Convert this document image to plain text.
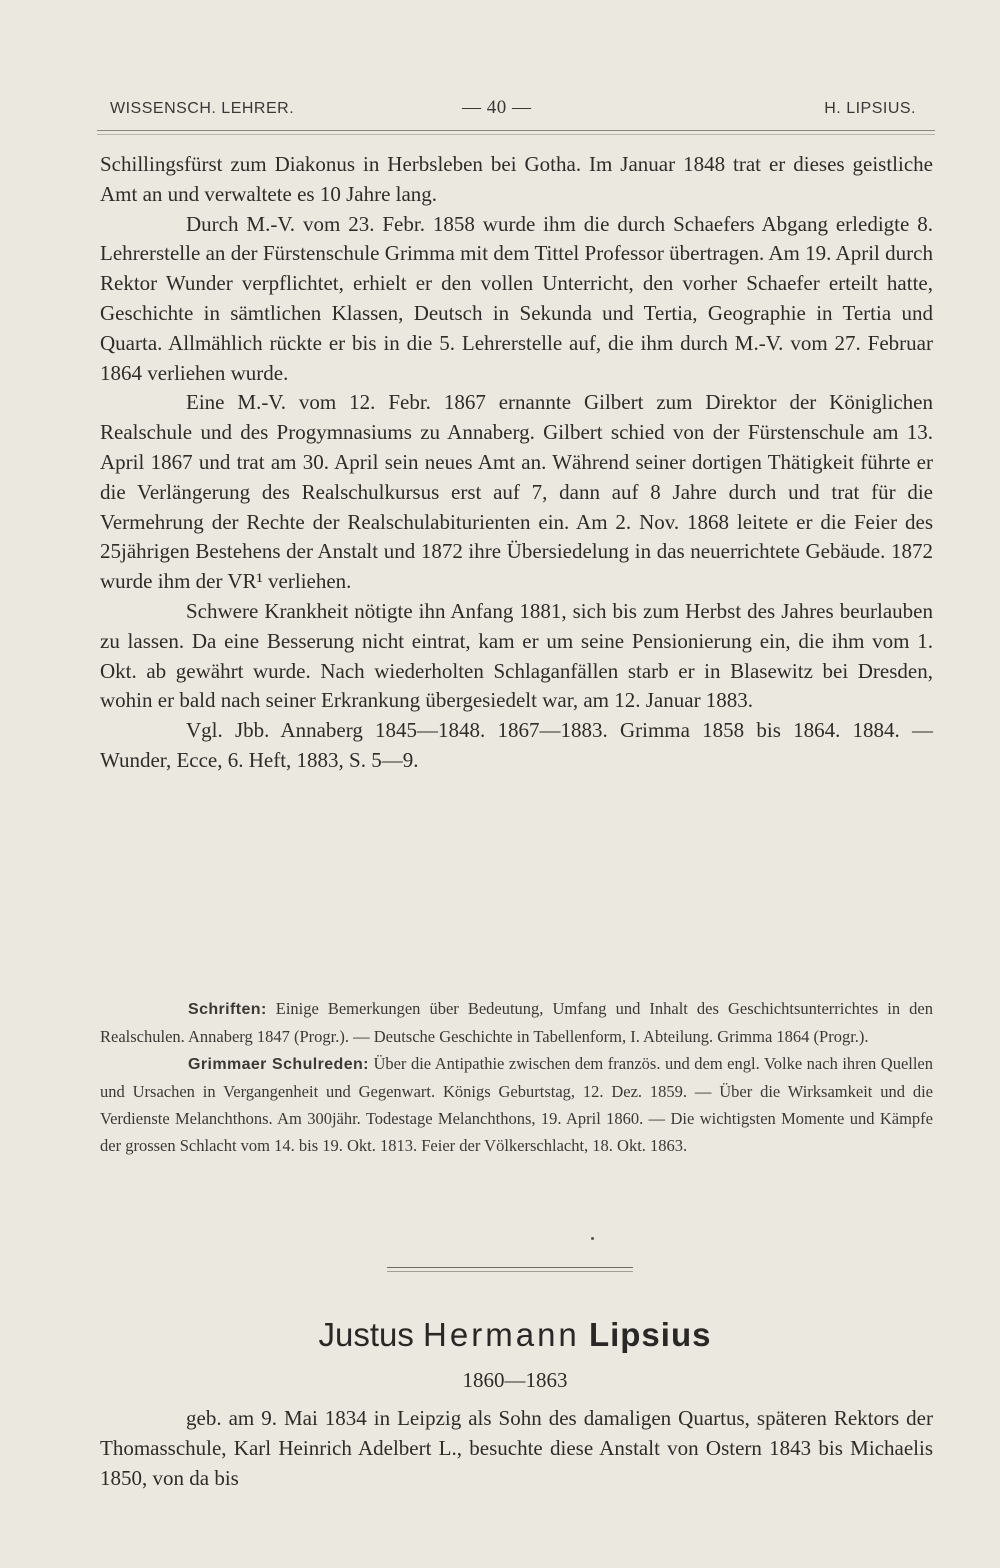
WISSENSCH. LEHRER.	— 40 —	H. LIPSIUS.

Schillingsfürst zum Diakonus in Herbsleben bei Gotha. Im Januar 1848 trat er dieses geistliche Amt an und verwaltete es 10 Jahre lang.

Durch M.-V. vom 23. Febr. 1858 wurde ihm die durch Schaefers Abgang erledigte 8. Lehrerstelle an der Fürstenschule Grimma mit dem Tittel Professor übertragen. Am 19. April durch Rektor Wunder verpflichtet, erhielt er den vollen Unterricht, den vorher Schaefer erteilt hatte, Geschichte in sämtlichen Klassen, Deutsch in Sekunda und Tertia, Geographie in Tertia und Quarta. Allmählich rückte er bis in die 5. Lehrerstelle auf, die ihm durch M.-V. vom 27. Februar 1864 verliehen wurde.

Eine M.-V. vom 12. Febr. 1867 ernannte Gilbert zum Direktor der Königlichen Realschule und des Progymnasiums zu Annaberg. Gilbert schied von der Fürstenschule am 13. April 1867 und trat am 30. April sein neues Amt an. Während seiner dortigen Thätigkeit führte er die Verlängerung des Realschulkursus erst auf 7, dann auf 8 Jahre durch und trat für die Vermehrung der Rechte der Realschulabiturienten ein. Am 2. Nov. 1868 leitete er die Feier des 25jährigen Bestehens der Anstalt und 1872 ihre Übersiedelung in das neuerrichtete Gebäude. 1872 wurde ihm der VR¹ verliehen.

Schwere Krankheit nötigte ihn Anfang 1881, sich bis zum Herbst des Jahres beurlauben zu lassen. Da eine Besserung nicht eintrat, kam er um seine Pensionierung ein, die ihm vom 1. Okt. ab gewährt wurde. Nach wiederholten Schlaganfällen starb er in Blasewitz bei Dresden, wohin er bald nach seiner Erkrankung übergesiedelt war, am 12. Januar 1883.

Vgl. Jbb. Annaberg 1845—1848. 1867—1883. Grimma 1858 bis 1864. 1884. — Wunder, Ecce, 6. Heft, 1883, S. 5—9.

Schriften: Einige Bemerkungen über Bedeutung, Umfang und Inhalt des Geschichtsunterrichtes in den Realschulen. Annaberg 1847 (Progr.). — Deutsche Geschichte in Tabellenform, I. Abteilung. Grimma 1864 (Progr.).

Grimmaer Schulreden: Über die Antipathie zwischen dem französ. und dem engl. Volke nach ihren Quellen und Ursachen in Vergangenheit und Gegenwart. Königs Geburtstag, 12. Dez. 1859. — Über die Wirksamkeit und die Verdienste Melanchthons. Am 300jähr. Todestage Melanchthons, 19. April 1860. — Die wichtigsten Momente und Kämpfe der grossen Schlacht vom 14. bis 19. Okt. 1813. Feier der Völkerschlacht, 18. Okt. 1863.

Justus Hermann Lipsius
1860—1863

geb. am 9. Mai 1834 in Leipzig als Sohn des damaligen Quartus, späteren Rektors der Thomasschule, Karl Heinrich Adelbert L., besuchte diese Anstalt von Ostern 1843 bis Michaelis 1850, von da bis
